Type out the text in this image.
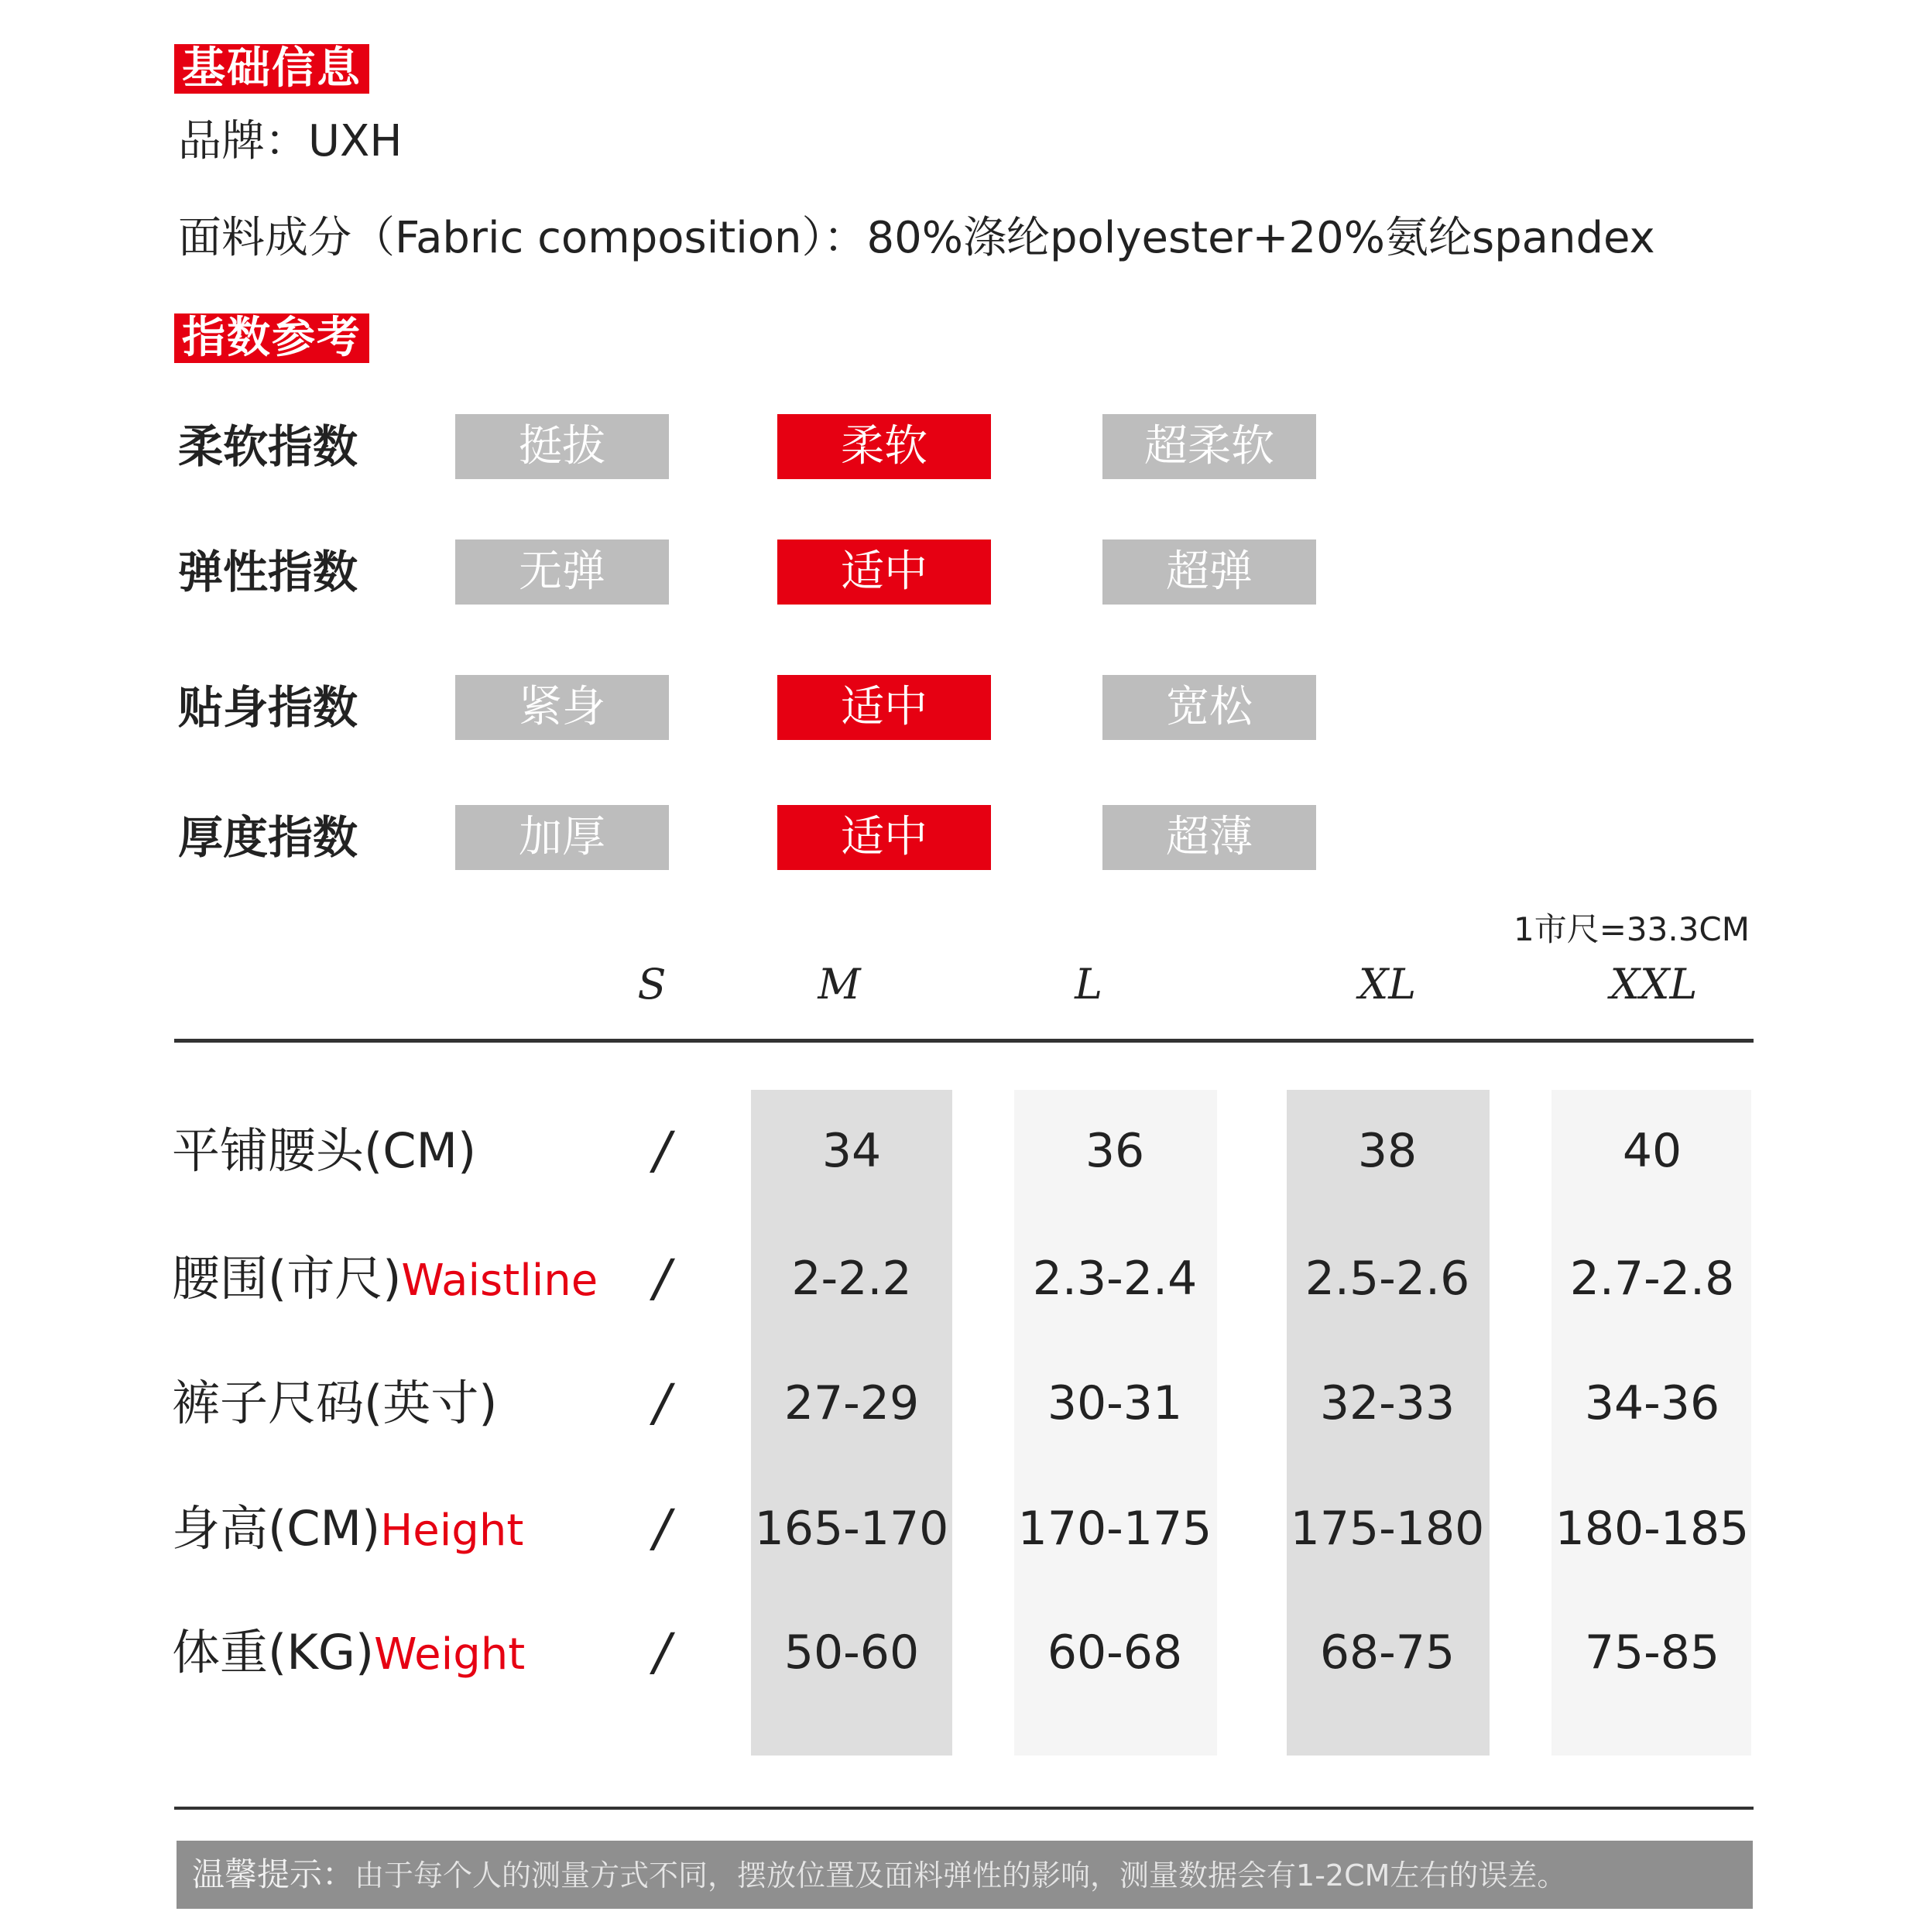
基础信息
品牌：UXH
面料成分（Fabric composition）：80%涤纶polyester+20%氨纶spandex
指数参考
柔软指数	挺拔	柔软	超柔软
弹性指数	无弹	适中	超弹
贴身指数	紧身	适中	宽松
厚度指数	加厚	适中	超薄
1市尺=33.3CM
S	M	L	XL	XXL
平铺腰头(CM)	/	34	36	38	40
腰围(市尺)Waistline	/	2-2.2	2.3-2.4	2.5-2.6	2.7-2.8
裤子尺码(英寸)	/	27-29	30-31	32-33	34-36
身高(CM)Height	/	165-170 170-175 175-180 180-185
体重(KG)Weight	/	50-60	60-68	68-75	75-85
温馨提示：由于每个人的测量方式不同，摆放位置及面料弹性的影响，测量数据会有1-2CM左右的误差。
